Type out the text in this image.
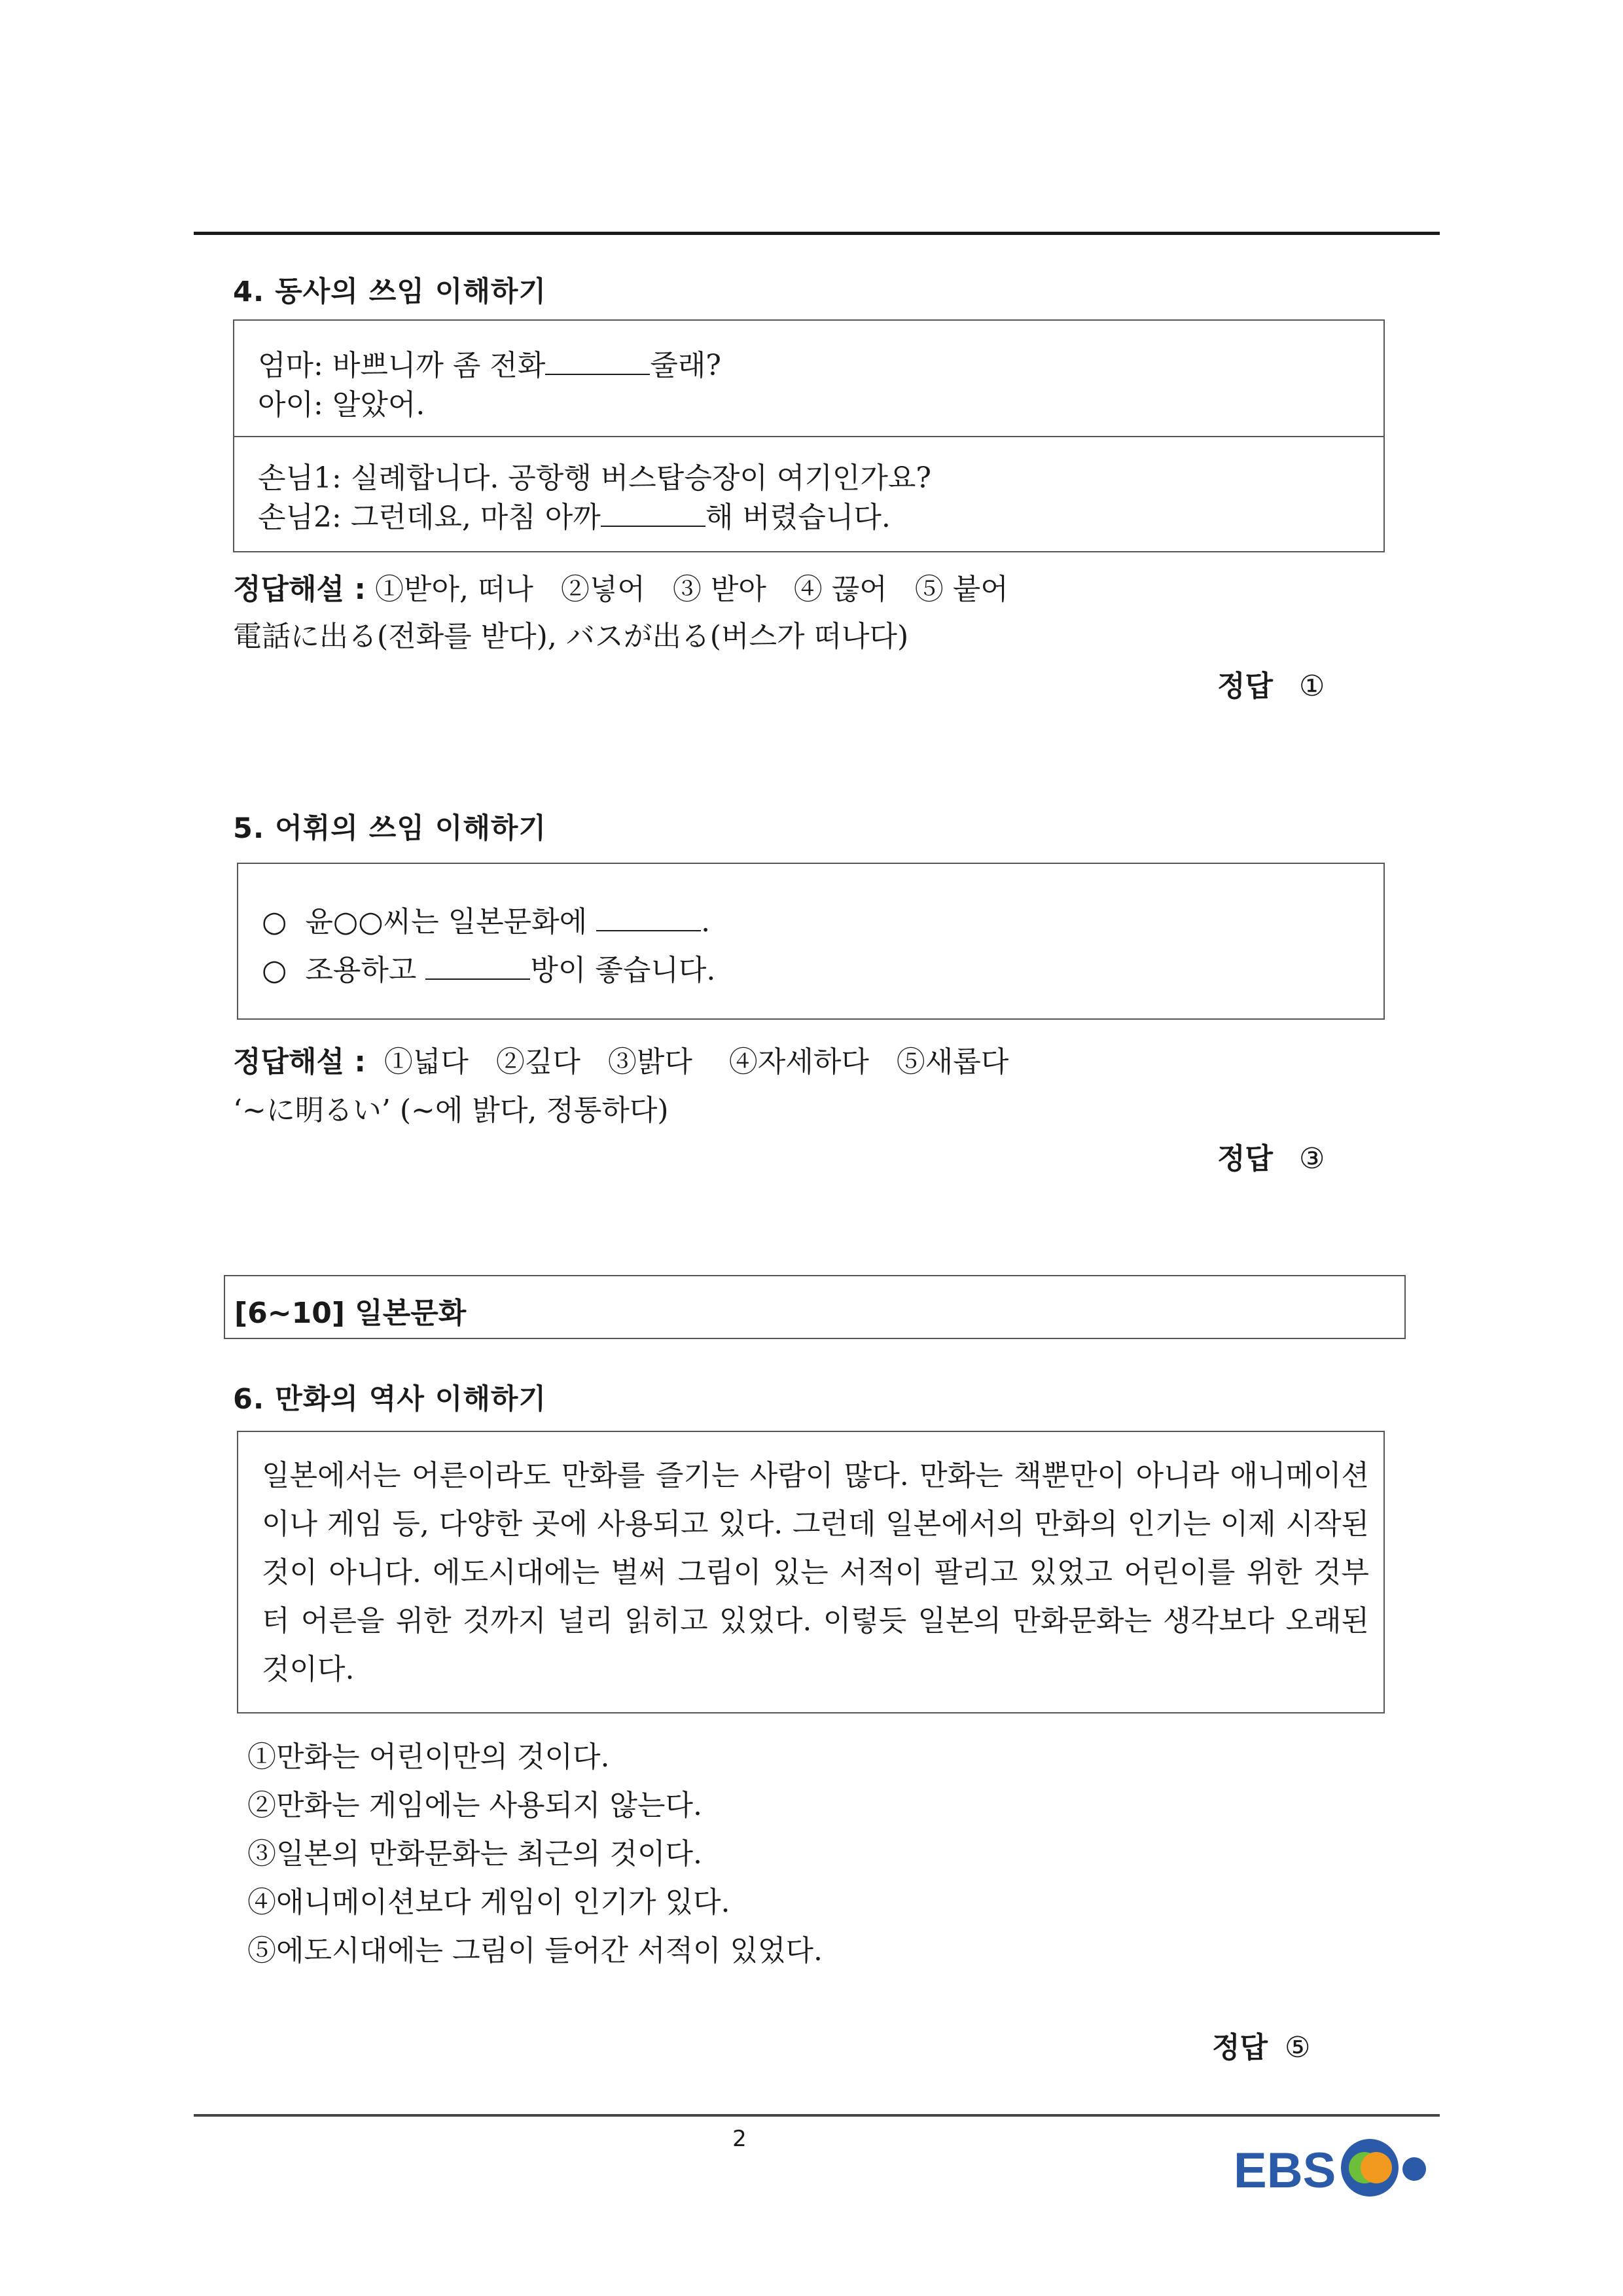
4. 동사의 쓰임 이해하기
엄마: 바쁘니까 좀 전화	줄래?
아이: 알았어.
손님1: 실례합니다. 공항행 버스탑승장이 여기인가요?
손님2: 그런데요, 마침 아까	해 버렸습니다.
정답해설 : ①받아, 떠나   ②넣어   ③ 받아   ④ 끊어   ⑤ 붙어
電話に出る(전화를 받다), バスが出る(버스가 떠나다)
정답 ①
5. 어휘의 쓰임 이해하기
○  윤○○씨는 일본문화에	.
○  조용하고	방이 좋습니다.
정답해설 :  ①넓다   ②깊다   ③밝다    ④자세하다   ⑤새롭다
‘~に明るい’ (~에 밝다, 정통하다)
정답 ③
[6~10] 일본문화
6. 만화의 역사 이해하기
일본에서는 어른이라도 만화를 즐기는 사람이 많다. 만화는 책뿐만이 아니라 애니메이션이나 게임 등, 다양한 곳에 사용되고 있다. 그런데 일본에서의 만화의 인기는 이제 시작된 것이 아니다. 에도시대에는 벌써 그림이 있는 서적이 팔리고 있었고 어린이를 위한 것부터 어른을 위한 것까지 널리 읽히고 있었다. 이렇듯 일본의 만화문화는 생각보다 오래된 것이다.
①만화는 어린이만의 것이다.
②만화는 게임에는 사용되지 않는다.
③일본의 만화문화는 최근의 것이다.
④애니메이션보다 게임이 인기가 있다.
⑤에도시대에는 그림이 들어간 서적이 있었다.
정답 ⑤
2
EBS
